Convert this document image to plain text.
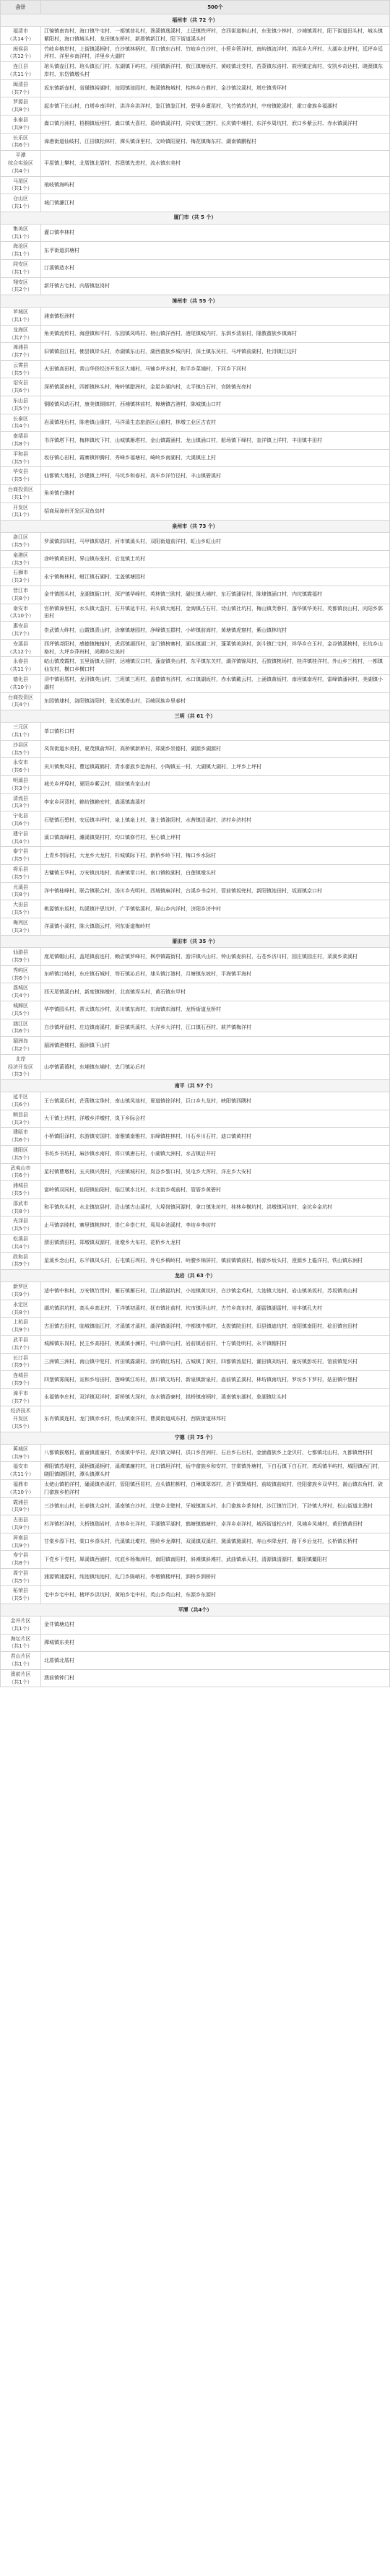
合计	500个
福州市（共 72 个）	
福清市
（共14个）	江镜镇南宵村，海口镇牛宅村、一都镇普礼村，渔溪镇逸溪村，上迳镇铁坪村，音西街道棋山村，东张镇少林村，沙埔镇周村，阳下街道田头村，城头镇紫阳村，海口镇城头村、龙田镇东桥村，新厝镇新江村，阳下街道溪头村
闽侯县
（共12个）	竹岐乡榕岸村，上街镇溪柄村，白沙镇林柄村，青口镇东台村、竹岐乡白沙村，小箬乡箬洋村，南屿镇流洋村、鸿尾乡大坪村、大湖乡北坪村，廷坪乡廷坪村、洋里乡南洋村，洋里乡大湖村
连江县
（共11个）	琯头镇壶江村、琯头镇长门村、东湖镇下屿村，丹阳镇新洋村，敖江镇塘坂村，黄岐镇北茭村，苔菉镇东洛村、筱埕镇定海村，安凯乡奇达村、晓澳镇东岸村、东岱镇墩头村
闽清县
（共7个）	坂东镇新壶村，省璜镇裕湖村，池园镇池园村，梅溪镇梅城村，桔林乡台鼎村，金沙镇汶溪村，塔庄镇秀环村
罗源县
（共8个）	起步镇下长山村，白塔乡南洋村，洪洋乡洪洋村，鉴江镇鉴江村，碧里乡廪尾村，飞竹镇苏坑村，中房镇乾溪村，霍口畲族乡福湖村
永泰县
（共9个）	嵩口镇月洲村，梧桐镇坂埕村、嵩口镇大喜村，葛岭镇溪洋村，同安镇三捷村，长庆镇中埔村，东洋乡周坑村，洑口乡紫云村、赤水镇溪洋村
长乐区
（共6个）	漳港街道仙岐村，江田镇松林村，潭头镇泽里村，文岭镇阳夏村、梅花镇梅东村、湖南镇鹏程村
平潭
综合实验区
（共4个）	平原镇上攀村，北厝镇北厝村，苏澳镇先进村，流水镇东美村
马尾区
（共1个）	琅岐镇海屿村
仓山区
（共1个）	城门镇濂江村
厦门市（共 5 个）	
集美区
（共1个）	灌口镇李林村
海沧区
（共1个）	东孚街道洪塘村
同安区
（共1个）	汀溪镇造水村
翔安区
（共2个）	新圩镇古宅村、内厝镇赵岗村
漳州市（共 55 个）	
芗城区
（共1个）	浦南镇松洲村
龙海区
（共7个）	角美镇流传村，海澄镇和平村，东园镇凤鸣村、榜山镇洋西村，港尾镇城内村，东泗乡清泉村，隆教畲族乡镇海村
漳浦县
（共7个）	旧镇镇浯江村，佛昙镇岸头村，赤湖镇东山村，湖西畲族乡城内村，深土镇东吴村，马坪镇前湖村，杜浔镇江边村
云霄县
（共5个）	火田镇高田村，常山华侨经济开发区大埔村，马铺乡坪水村，和平乡菜埔村，下河乡下河村
诏安县
（共6个）	深桥镇溪南村，四都镇林头村，梅岭镇腊洲村，金星乡湖内村，太平镇白石村，官陂镇光亮村
东山县
（共5个）	铜陵镇风动石村，康美镇铜钵村，西埔镇林前村，樟塘镇古港村，陈城镇山口村
长泰区
（共4个）	岩溪镇珪后村，陈巷镇山重村，马洋溪生态旅游区山重村，林墩工业区古农村
南靖县
（共8个）	书洋镇塔下村，梅林镇坎下村，山城镇雁塔村，金山镇霞涌村，龙山镇涌口村，船场镇下峰村，奎洋镇上洋村，丰田镇丰田村
平和县
（共5个）	坂仔镇心田村，霞寨镇钟腾村，秀峰乡福塘村，崎岭乡南湖村，大溪镇庄上村
华安县
（共5个）	仙都镇大地村，沙建镇上坪村，马坑乡和春村，高车乡洋竹径村，丰山镇碧溪村
台商投资区
（共1个）	角美镇白礁村
开发区
（共1个）	招商局漳州开发区双鱼岛村
泉州市（共 73 个）	
洛江区
（共5个）	罗溪镇洪四村，马甲镇仰恩村，河市镇溪头村，双阳街道前洋村，虹山乡虹山村
泉港区
（共3个）	涂岭镇黄田村，界山镇东张村，后龙镇土坑村
石狮市
（共3个）	永宁镇梅林村，蚶江镇石湖村，宝盖镇塘园村
晋江市
（共8个）	金井镇围头村，龙湖镇衙口村，深沪镇华峰村，英林镇三欧村，磁灶镇大埔村，东石镇潘径村，陈埭镇涵口村，内坑镇霞福村
南安市
（共10个）	官桥镇漳里村，水头镇大盈村，石井镇延平村，码头镇大庭村，金淘镇占石村，诗山镇社坑村，梅山镇芙蓉村，蓬华镇华美村，英都镇良山村，向阳乡郭田村
惠安县
（共7个）	崇武镇大岞村，山霞镇青山村，涂寨镇塘园村，净峰镇五群村，小岞镇前海村，黄塘镇虎窟村，紫山镇林坑村
安溪县
（共12个）	西坪镇尧阳村，感德镇槐植村，虎邱镇湖西村，龙门镇榜寨村，湖头镇湖二村，蓬莱镇美滨村，剑斗镇仁宅村，祥华乡白玉村，金谷镇溪榜村，长坑乡山格村，大坪乡萍州村，尚卿乡灶美村
永春县
（共11个）	岵山镇茂霞村，五里街镇大羽村，达埔镇汉口村，蓬壶镇美山村，东平镇东关村，湖洋镇锦凤村，石鼓镇桃场村，桂洋镇桂洋村，外山乡三枝村，一都镇仙友村，横口乡横口村
德化县
（共10个）	浔中镇祖厝村，龙浔镇英山村，三班镇三班村，盖德镇有济村，水口镇湖坂村，赤水镇戴云村，上涌镇黄坂村，南埕镇南埕村，雷峰镇潘祠村，美湖镇小湖村
台商投资区
（共4个）	东园镇埭村，洛阳镇洛阳村，张坂镇塔山村，百崎回族乡里春村
三明（共 61 个）	
三元区
（共1个）	莘口镇杉口村
沙县区
（共5个）	凤岗街道水美村，夏茂镇俞邦村，高桥镇新桥村，郑湖乡崇德村，湖源乡湖源村
永安市
（共6个）	贡川镇集凤村，曹远镇霞鹤村，青水畲族乡沧海村，小陶镇五一村，大湖镇大湖村，上坪乡上坪村
明溪县
（共3个）	城关乡坪埠村，夏阳乡紫云村，胡坊镇肖家山村
清流县
（共3个）	李家乡河背村，赖坊镇赖安村，嵩溪镇嵩溪村
宁化县
（共6个）	石壁镇石碧村，安远镇丰坪村，泉上镇泉上村，淮土镇淮阳村，水茜镇沿溪村，济村乡济村村
建宁县
（共4个）	溪口镇高峰村，濉溪镇渠村村，均口镇修竹村，里心镇上坪村
泰宁县
（共5个）	上青乡崇际村，大龙乡大龙村，杉城镇际下村，新桥乡岭下村，梅口乡水际村
将乐县
（共5个）	古镛镇玉华村，万安镇良地村，高唐镇常口村，南口镇蛟湖村，白莲镇墩头村
尤溪县
（共8个）	洋中镇桂峰村，联合镇联合村，汤川乡光明村，西城镇麻洋村，台溪乡书京村，管前镇坂兜村，新阳镇池田村，坂面镇京口村
大田县
（共5个）	桃源镇东坂村，均溪镇许思坑村，广平镇铭溪村，屏山乡内洋村，济阳乡济中村
梅列区
（共3个）	洋溪镇小溪村，陈大镇瑞云村，列东街道梅岭村
莆田市（共 35 个）	
仙游县
（共9个）	度尾镇帽山村，盖尾镇前连村，赖店镇罗峰村，枫亭镇霞街村，游洋镇兴山村，钟山镇麦斜村，石苍乡济川村，园庄镇园庄村，菜溪乡菜溪村
秀屿区
（共6个）	东峤镇汀岐村，东庄镇石城村，笏石镇沁后村，埭头镇汀港村，月塘镇东坡村，平海镇平海村
荔城区
（共4个）	西天尾镇溪白村，新度镇锦墩村，北高镇埕头村，黄石镇东甲村
城厢区
（共5个）	华亭镇园头村，常太镇东沙村，灵川镇东海村，东海镇东海村，龙桥街道龙桥村
涵江区
（共6个）	白沙镇坪盘村，庄边镇南溪村，新县镇巩溪村，大洋乡大洋村，江口镇石西村，萩芦镇梅洋村
湄洲岛
（共2个）	湄洲镇港楼村，湄洲镇下山村
北岸
经济开发区
（共3个）	山亭镇莆禧村，东埔镇东埔村，忠门镇沁后村
南平（共 57 个）	
延平区
（共6个）	王台镇溪后村，茫荡镇宝珠村，南山镇凤池村，夏道镇徐洋村，巨口乡九龙村，峡阳镇西隅村
顺昌县
（共3个）	大干镇土垱村，洋墩乡洋墩村，岚下乡际会村
建瓯市
（共6个）	小桥镇阳泽村，东游镇安国村，南雅镇南雅村，东峰镇桂林村，川石乡川石村，迪口镇黄村村
建阳区
（共5个）	书坊乡书坊村，麻沙镇水南村，将口镇唐石村，小湖镇大洲村，水吉镇后井村
武夷山市
（共6个）	星村镇曹墩村，五夫镇兴贤村，兴田镇城村村，岚谷乡黎口村，吴屯乡大浑村，洋庄乡大安村
浦城县
（共5个）	富岭镇双同村，仙阳镇仙阳村，临江镇水北村，水北街乡观前村，管厝乡黄碧村
邵武市
（共8个）	和平镇坎头村，水北镇故县村，沿山镇古山溪村，大埠岗镇河源村，拿口镇朱坊村，桂林乡横坑村，洪墩镇河坊村，金坑乡金坑村
光泽县
（共5个）	止马镇亲睦村，寨里镇桃林村，崇仁乡崇仁村，鸾凤乡油溪村，李坊乡李坊村
松溪县
（共4个）	渭田镇渭田村，郑墩镇双源村，祖墩乡大布村，花桥乡九龙村
政和县
（共9个）	星溪乡念山村，东平镇凤头村，石屯镇石圳村，外屯乡稠岭村，岭腰乡锦屏村，镇前镇镇前村，杨源乡坂头村，澄源乡上榅洋村，铁山镇东涧村
龙岩（共 63 个）	
新罗区
（共9个）	适中镇中和村，万安镇竹贯村，雁石镇雁石村，江山镇福坑村，小池镇黄坑村，白沙镇金鸡村，大池镇大池村，岩山镇美坂村，苏坂镇美山村
永定区
（共8个）	湖坑镇洪坑村，高头乡高北村，下洋镇初溪村，抚市镇社前村，坎市镇浮山村，古竹乡高东村，湖雷镇湖雷村，培丰镇孔夫村
上杭县
（共9个）	古田镇古田村，临城镇临江村，才溪镇才溪村，湖洋镇湖洋村，中都镇中都村，太拔镇院田村，旧县镇迪坑村，南阳镇南阳村，稔田镇官田村
武平县
（共7个）	城厢镇东岗村，民主乡高梧村，桃溪镇小澜村，中山镇中山村，岩前镇岩前村，十方镇处明村，永平镇帽村村
长汀县
（共9个）	三洲镇三洲村，南山镇中复村，河田镇露湖村，涂坊镇红坊村，古城镇丁黄村，四都镇汤屋村，濯田镇刘坊村，童坊镇彭坊村，馆前镇复兴村
连城县
（共9个）	四堡镇雾阁村，宣和乡培田村，莲峰镇江坊村，朋口镇文坊村，新泉镇新泉村，庙前镇芷溪村，林坊镇南坑村，罗坊乡下罗村，姑田镇中堡村
漳平市
（共7个）	永福镇李庄村，双洋镇双洋村，新桥镇大深村，赤水镇香寮村，拱桥镇南柄村，溪南镇东湖村，象湖镇灶头村
经济技术
开发区
（共5个）	东肖镇溪连村，龙门镇赤水村，铁山镇南洋村，曹溪街道咸东村，西陂街道林邦村
宁德（共 75 个）	
蕉城区
（共9个）	八都镇猴墩村，霍童镇霍童村，赤溪镇中华村，虎贝镇文峰村，洪口乡莒洲村，石后乡石后村，金涵畲族乡上金贝村，七都镇北山村，九都镇贵村村
福安市
（共11个）	穆阳镇苏堤村，溪柄镇溪柄村，溪潭镇廉村村，社口镇坦洋村，坂中畲族乡和安村，甘棠镇外塘村，下白石镇下白石村，湾坞镇半屿村，城阳镇西门村，晓阳镇晓阳村，潭头镇潭头村
福鼎市
（共10个）	太姥山镇柏洋村，磻溪镇赤溪村，管阳镇西昆村，点头镇柏柳村，白琳镇翠郊村，店下镇巽城村，前岐镇前岐村，佳阳畲族乡双华村，嵛山镇东角村，硖门畲族乡柏洋村
霞浦县
（共9个）	三沙镇东山村，长春镇大京村，溪南镇白沙村，北壁乡北壁村，牙城镇渡头村，水门畲族乡茶岗村，沙江镇竹江村，下浒镇大坪村，松山街道北澳村
古田县
（共9个）	杉洋镇杉洋村，大桥镇瑞岩村，吉巷乡长洋村，平湖镇平湖村，鹤塘镇鹤塘村，卓洋乡卓洋村，城西街道松台村，凤埔乡凤埔村，黄田镇黄田村
屏南县
（共9个）	甘棠乡漈下村，棠口乡漈头村，代溪镇北墘村，熙岭乡龙潭村，双溪镇双溪村，黛溪镇黛溪村，寿山乡降龙村，路下乡后龙村，长桥镇长桥村
寿宁县
（共8个）	下党乡下党村，犀溪镇西浦村，坑底乡杨梅洲村，南阳镇南阳村，斜滩镇斜滩村，武曲镇承天村，清源镇清源村，鳌阳镇鳌阳村
周宁县
（共5个）	浦源镇浦源村，纯池镇纯池村，礼门乡陈峭村，李墩镇楼坪村，泗桥乡泗桥村
柘荣县
（共5个）	宅中乡宅中村，楮坪乡洪坑村，黄柏乡宅中村，英山乡英山村，东源乡东源村
平潭（共4个）	
金井片区
（共1个）	金井镇塘边村
海坛片区
（共1个）	潭城镇东美村
君山片区
（共1个）	北厝镇北厝村
澳前片区
（共1个）	澳前镇钟门村
